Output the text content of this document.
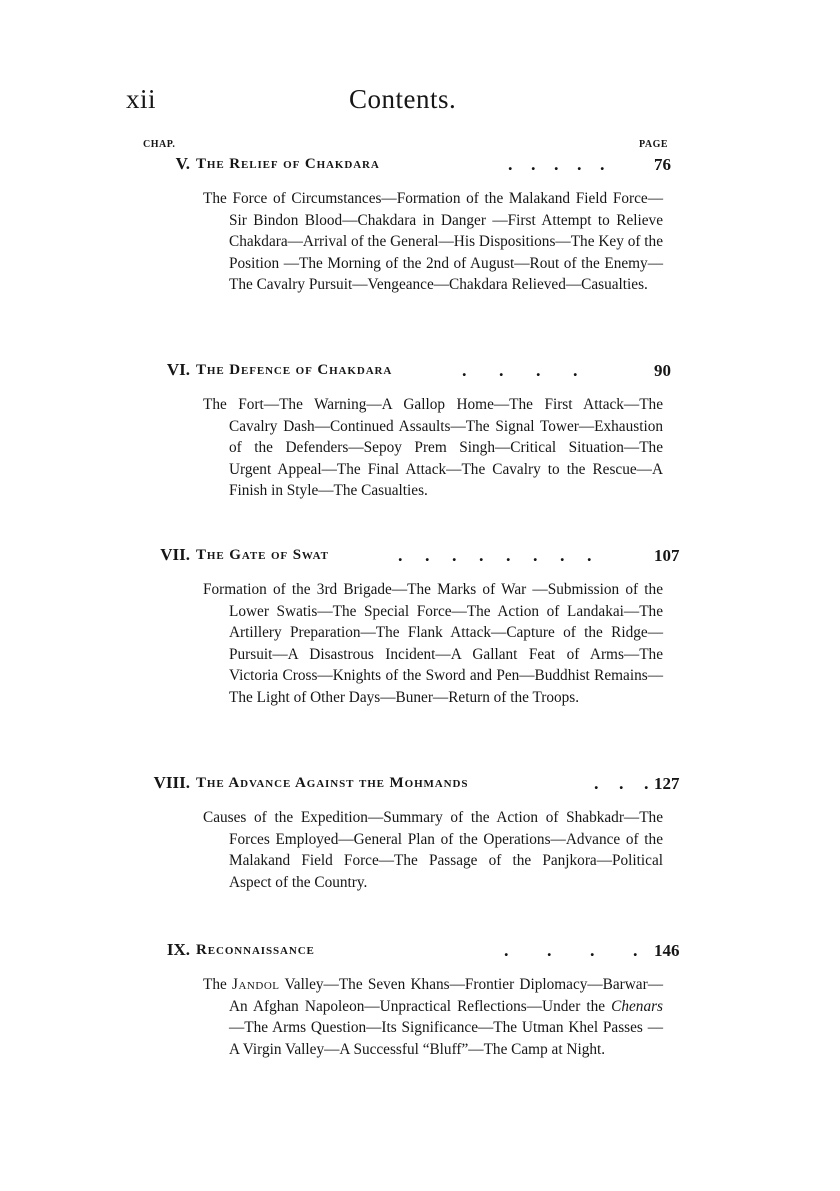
xii	Contents.
CHAP.	PAGE
V. The Relief of Chakdara	. . . . .	76
The Force of Circumstances—Formation of the Malakand Field Force—Sir Bindon Blood—Chakdara in Danger —First Attempt to Relieve Chakdara—Arrival of the General—His Dispositions—The Key of the Position —The Morning of the 2nd of August—Rout of the Enemy—The Cavalry Pursuit—Vengeance—Chakdara Relieved—Casualties.
VI. The Defence of Chakdara	. . . .	90
The Fort—The Warning—A Gallop Home—The First Attack—The Cavalry Dash—Continued Assaults—The Signal Tower—Exhaustion of the Defenders—Sepoy Prem Singh—Critical Situation—The Urgent Appeal—The Final Attack—The Cavalry to the Rescue—A Finish in Style—The Casualties.
VII. The Gate of Swat	. . . . . . . .	107
Formation of the 3rd Brigade—The Marks of War —Submission of the Lower Swatis—The Special Force—The Action of Landakai—The Artillery Preparation—The Flank Attack—Capture of the Ridge—Pursuit—A Disastrous Incident—A Gallant Feat of Arms—The Victoria Cross—Knights of the Sword and Pen—Buddhist Remains—The Light of Other Days—Buner—Return of the Troops.
VIII. The Advance Against the Mohmands	. . . 127
Causes of the Expedition—Summary of the Action of Shabkadr—The Forces Employed—General Plan of the Operations—Advance of the Malakand Field Force—The Passage of the Panjkora—Political Aspect of the Country.
IX. Reconnaissance	. . . . 146
The Jandol Valley—The Seven Khans—Frontier Diplomacy—Barwar—An Afghan Napoleon—Unpractical Reflections—Under the Chenars—The Arms Question—Its Significance—The Utman Khel Passes —A Virgin Valley—A Successful “Bluff”—The Camp at Night.
